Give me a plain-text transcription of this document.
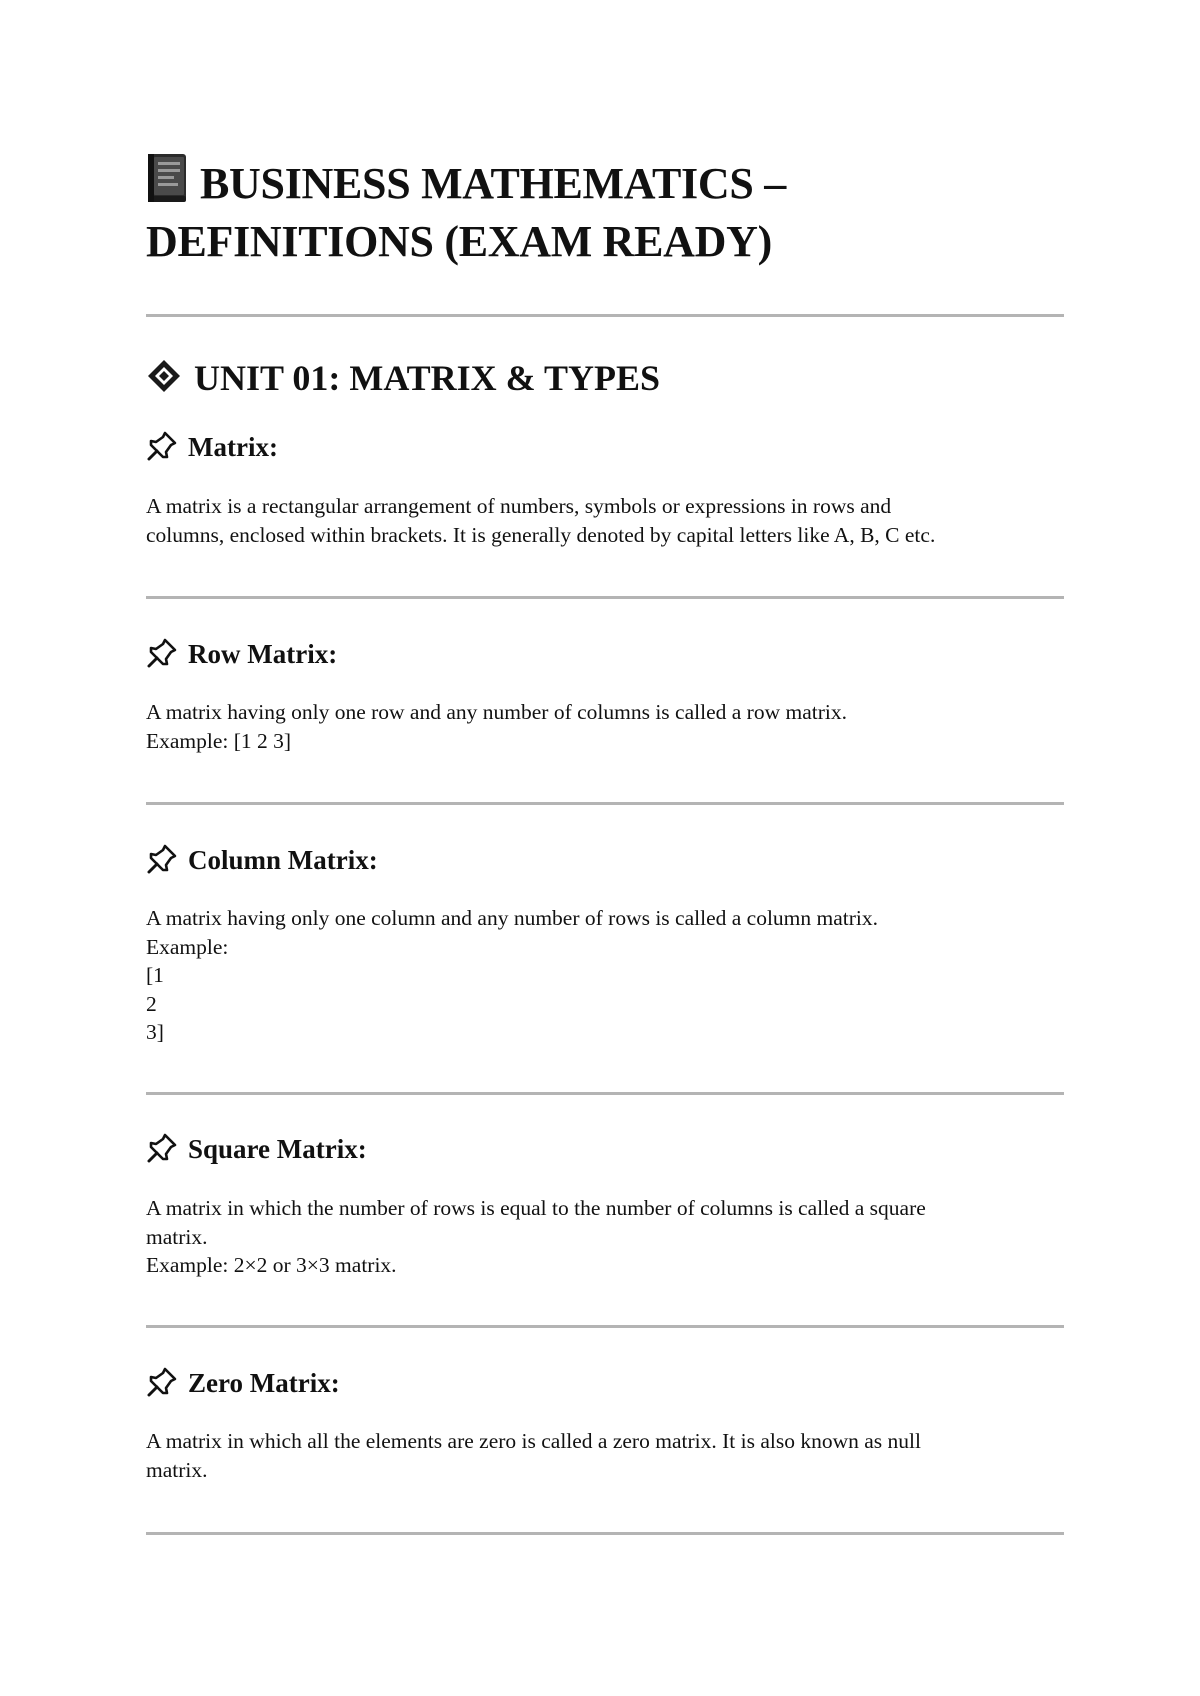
BUSINESS MATHEMATICS –
DEFINITIONS (EXAM READY)
UNIT 01: MATRIX & TYPES
Matrix:

A matrix is a rectangular arrangement of numbers, symbols or expressions in rows and
columns, enclosed within brackets. It is generally denoted by capital letters like A, B, C etc.

Row Matrix:

A matrix having only one row and any number of columns is called a row matrix.
Example: [1 2 3]

Column Matrix:

A matrix having only one column and any number of rows is called a column matrix.
Example:
[1
2
3]

Square Matrix:

A matrix in which the number of rows is equal to the number of columns is called a square
matrix.
Example: 2×2 or 3×3 matrix.

Zero Matrix:

A matrix in which all the elements are zero is called a zero matrix. It is also known as null
matrix.
